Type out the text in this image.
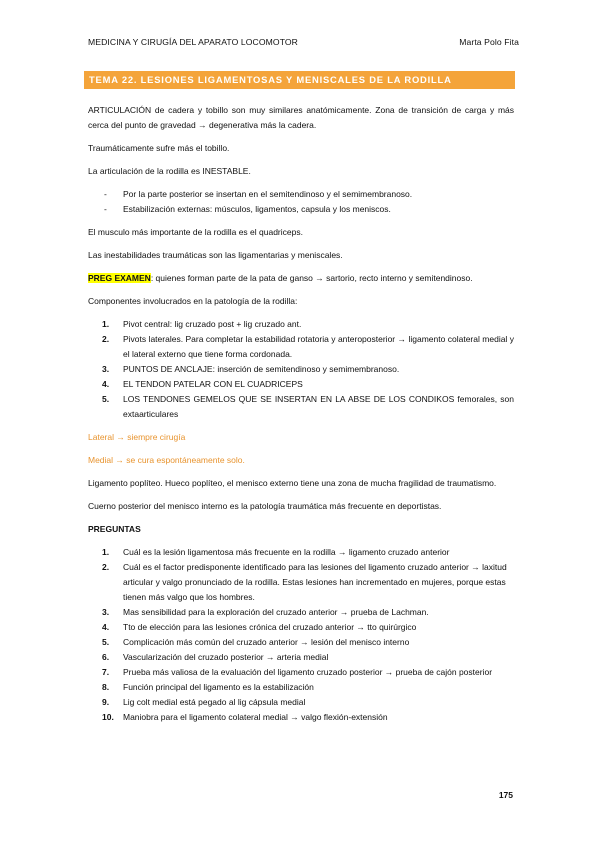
MEDICINA Y CIRUGÍA DEL APARATO LOCOMOTOR	Marta Polo Fita
TEMA 22. LESIONES LIGAMENTOSAS Y MENISCALES DE LA RODILLA

ARTICULACIÓN de cadera y tobillo son muy similares anatómicamente. Zona de transición de carga y más cerca del punto de gravedad → degenerativa más la cadera.

Traumáticamente sufre más el tobillo.

La articulación de la rodilla es INESTABLE.

- Por la parte posterior se insertan en el semitendinoso y el semimembranoso.
- Estabilización externas: músculos, ligamentos, capsula y los meniscos.

El musculo más importante de la rodilla es el quadriceps.

Las inestabilidades traumáticas son las ligamentarias y meniscales.

PREG EXAMEN: quienes forman parte de la pata de ganso → sartorio, recto interno y semitendinoso.

Componentes involucrados en la patología de la rodilla:

1. Pivot central: lig cruzado post + lig cruzado ant.
2. Pivots laterales. Para completar la estabilidad rotatoria y anteroposterior → ligamento colateral medial y el lateral externo que tiene forma cordonada.
3. PUNTOS DE ANCLAJE: inserción de semitendinoso y semimembranoso.
4. EL TENDON PATELAR CON EL CUADRICEPS
5. LOS TENDONES GEMELOS QUE SE INSERTAN EN LA ABSE DE LOS CONDIKOS femorales, son extaarticulares

Lateral → siempre cirugía

Medial → se cura espontáneamente solo.

Ligamento poplíteo. Hueco poplíteo, el menisco externo tiene una zona de mucha fragilidad de traumatismo.

Cuerno posterior del menisco interno es la patología traumática más frecuente en deportistas.

PREGUNTAS

1. Cuál es la lesión ligamentosa más frecuente en la rodilla → ligamento cruzado anterior
2. Cuál es el factor predisponente identificado para las lesiones del ligamento cruzado anterior → laxitud articular y valgo pronunciado de la rodilla. Estas lesiones han incrementado en mujeres, porque estas tienen más valgo que los hombres.
3. Mas sensibilidad para la exploración del cruzado anterior → prueba de Lachman.
4. Tto de elección para las lesiones crónica del cruzado anterior → tto quirúrgico
5. Complicación más común del cruzado anterior → lesión del menisco interno
6. Vascularización del cruzado posterior → arteria medial
7. Prueba más valiosa de la evaluación del ligamento cruzado posterior → prueba de cajón posterior
8. Función principal del ligamento es la estabilización
9. Lig colt medial está pegado al lig cápsula medial
10. Maniobra para el ligamento colateral medial → valgo flexión-extensión
175
